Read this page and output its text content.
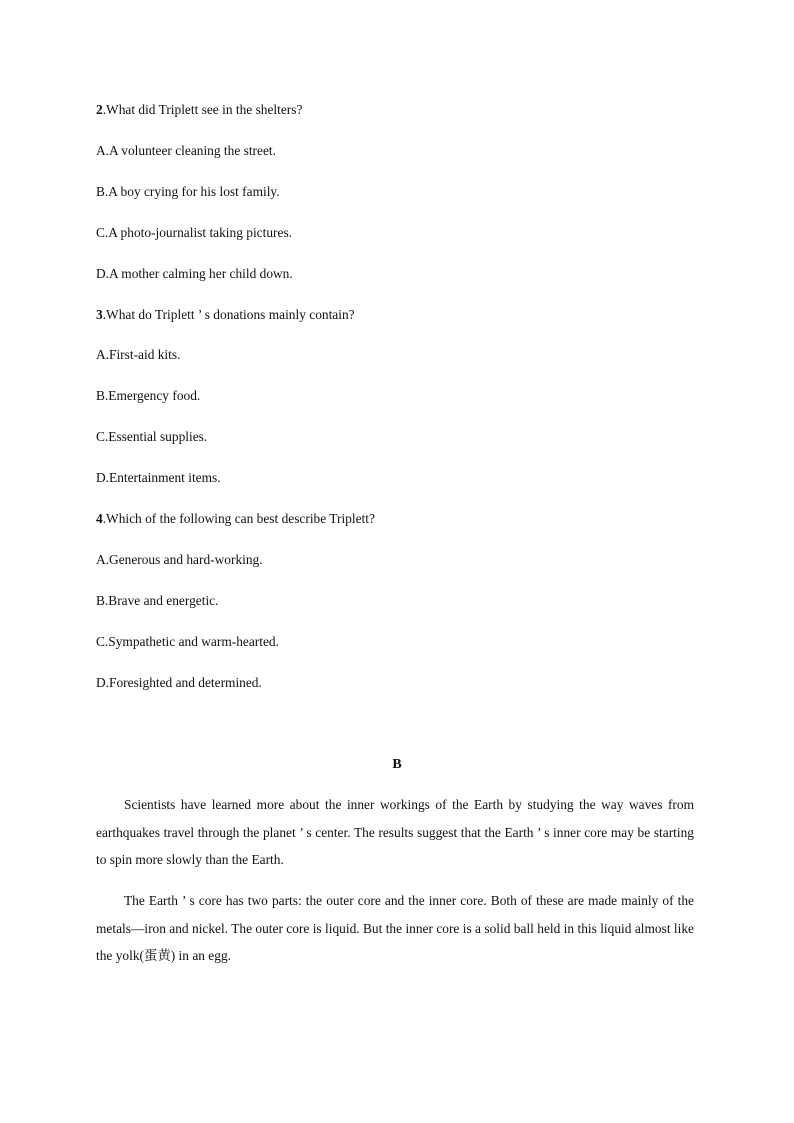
2.What did Triplett see in the shelters?
A.A volunteer cleaning the street.
B.A boy crying for his lost family.
C.A photo-journalist taking pictures.
D.A mother calming her child down.
3.What do Triplett ’ s donations mainly contain?
A.First-aid kits.
B.Emergency food.
C.Essential supplies.
D.Entertainment items.
4.Which of the following can best describe Triplett?
A.Generous and hard-working.
B.Brave and energetic.
C.Sympathetic and warm-hearted.
D.Foresighted and determined.
B

Scientists have learned more about the inner workings of the Earth by studying the way waves from earthquakes travel through the planet ’ s center. The results suggest that the Earth ’ s inner core may be starting to spin more slowly than the Earth.

The Earth ’ s core has two parts: the outer core and the inner core. Both of these are made mainly of the metals—iron and nickel. The outer core is liquid. But the inner core is a solid ball held in this liquid almost like the yolk(蛋黄) in an egg.
